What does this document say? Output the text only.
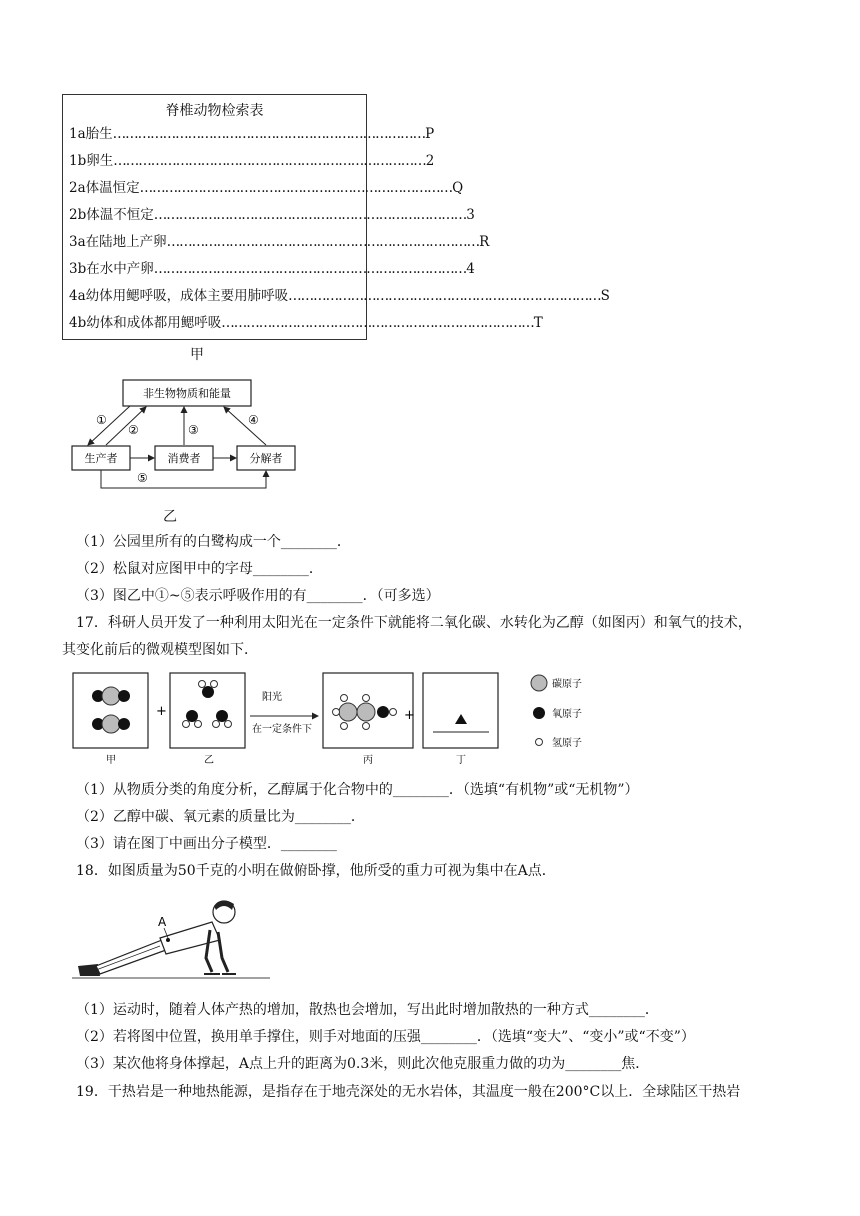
脊椎动物检索表
1a胎生 ………………………………………………………………… P
1b卵生 ………………………………………………………………… 2
2a体温恒定 ………………………………………………………………… Q
2b体温不恒定 ………………………………………………………………… 3
3a在陆地上产卵 ………………………………………………………………… R
3b在水中产卵 ………………………………………………………………… 4
4a幼体用鳃呼吸，成体主要用肺呼吸 ………………………………………………………………… S
4b幼体和成体都用鳃呼吸 ………………………………………………………………… T
甲
非生物物质和能量
生产者	消费者	分解者
①
②	③
④
⑤
乙
（1）公园里所有的白鹭构成一个________．
（2）松鼠对应图甲中的字母________．
（3）图乙中①~⑤表示呼吸作用的有________．（可多选）
17．科研人员开发了一种利用太阳光在一定条件下就能将二氧化碳、水转化为乙醇（如图丙）和氧气的技术，
其变化前后的微观模型图如下．
甲
+
乙
阳光
在一定条件下
丙
+
丁
碳原子
氧原子
氢原子
（1）从物质分类的角度分析，乙醇属于化合物中的________．（选填“有机物”或“无机物”）
（2）乙醇中碳、氧元素的质量比为________．
（3）请在图丁中画出分子模型．________
18．如图质量为50千克的小明在做俯卧撑，他所受的重力可视为集中在A点．
A
（1）运动时，随着人体产热的增加，散热也会增加，写出此时增加散热的一种方式________．
（2）若将图中位置，换用单手撑住，则手对地面的压强________．（选填“变大”、“变小”或“不变”）
（3）某次他将身体撑起，A点上升的距离为0.3米，则此次他克服重力做的功为________焦．
19．干热岩是一种地热能源，是指存在于地壳深处的无水岩体，其温度一般在200°C以上．全球陆区干热岩
